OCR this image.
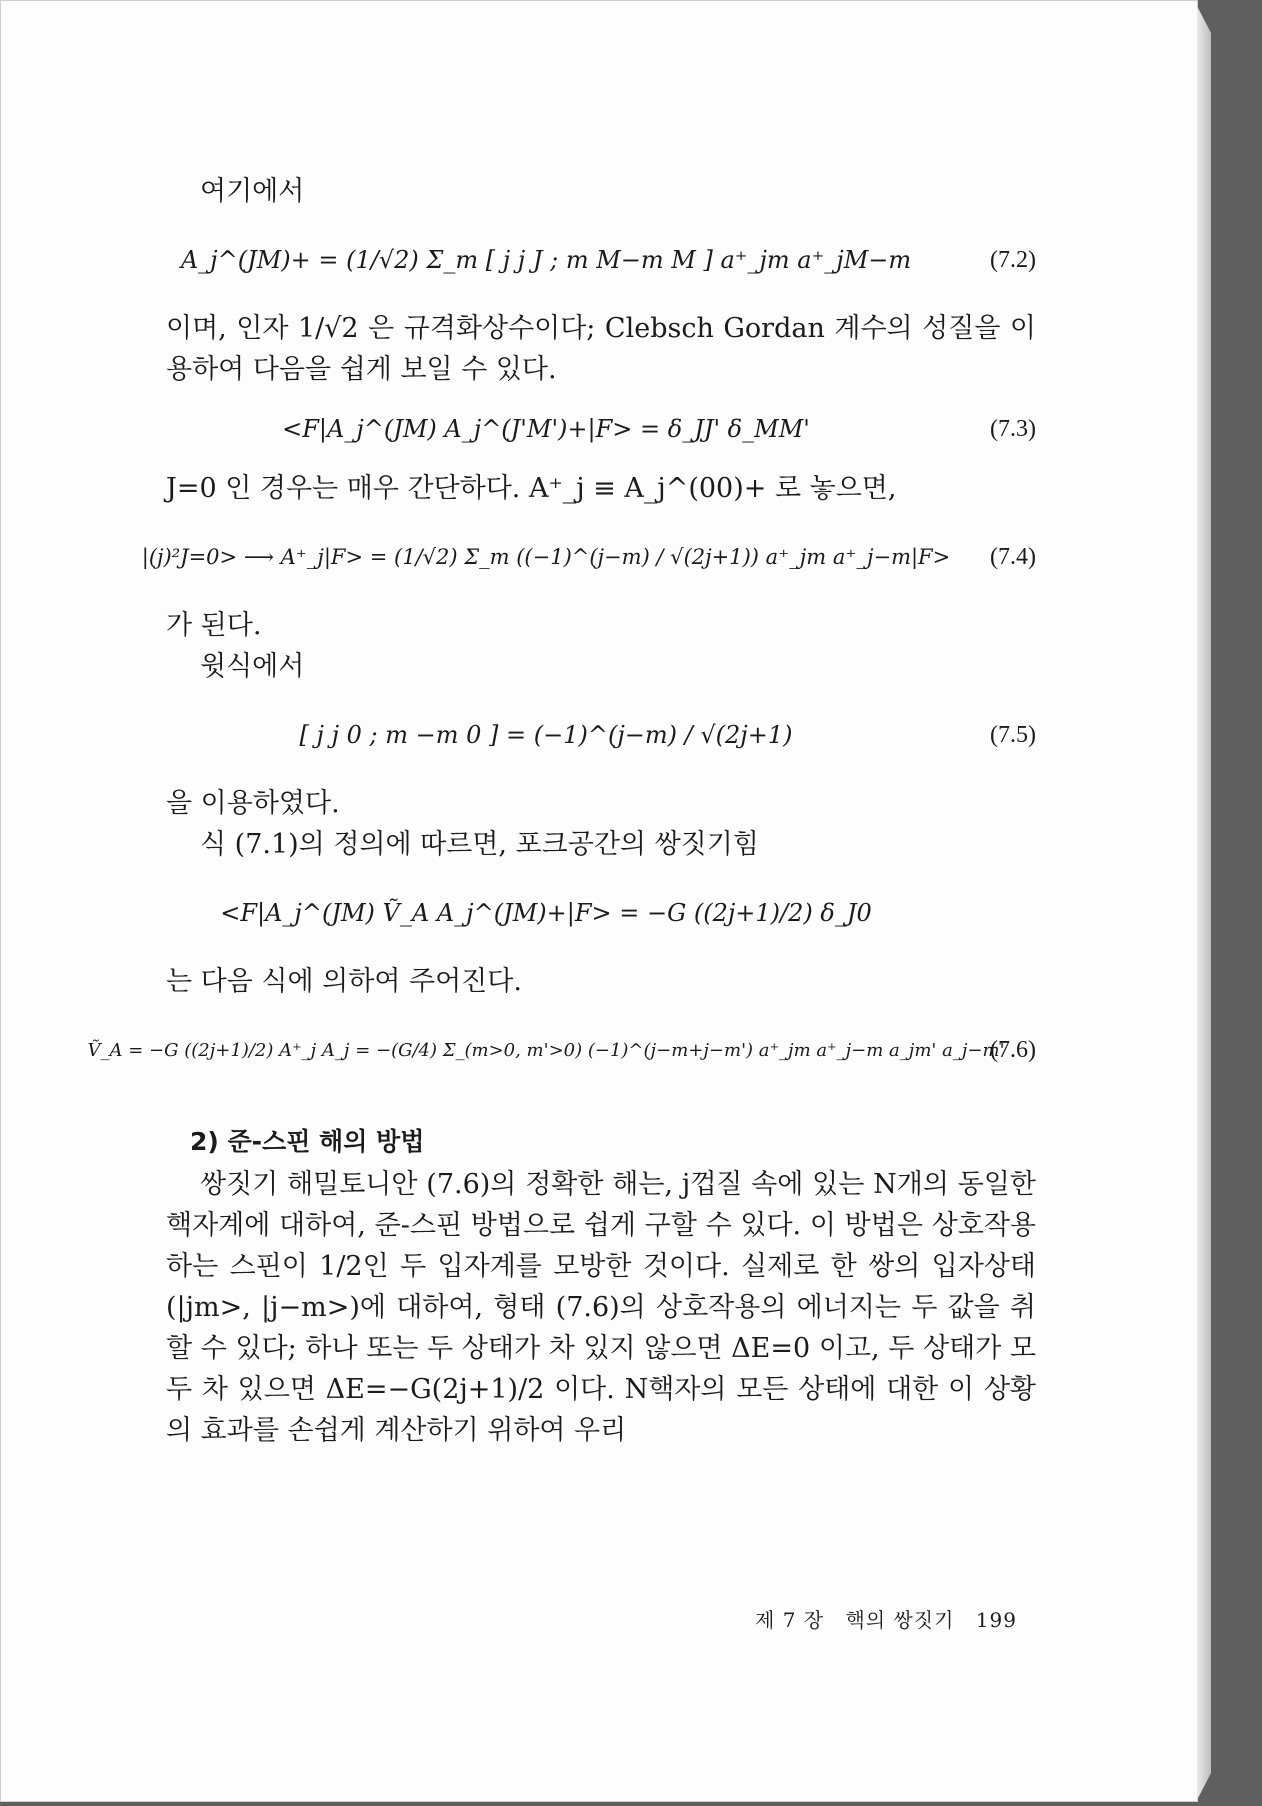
여기에서

A_j^(JM)+ = (1/√2) Σ_m [ j j J ; m M−m M ] a⁺_jm a⁺_jM−m	(7.2)

이며, 인자 1/√2 은 규격화상수이다; Clebsch Gordan 계수의 성질을 이용하여 다음을 쉽게 보일 수 있다.

<F|A_j^(JM) A_j^(J'M')+|F> = δ_JJ' δ_MM'	(7.3)

J=0 인 경우는 매우 간단하다. A⁺_j ≡ A_j^(00)+ 로 놓으면,

|(j)²J=0> ⟶ A⁺_j|F> = (1/√2) Σ_m ((−1)^(j−m) / √(2j+1)) a⁺_jm a⁺_j−m|F> (7.4)

가 된다.

윗식에서

[ j j 0 ; m −m 0 ] = (−1)^(j−m) / √(2j+1)	(7.5)

을 이용하였다.

식 (7.1)의 정의에 따르면, 포크공간의 쌍짓기힘

<F|A_j^(JM) Ṽ_A A_j^(JM)+|F> = −G ((2j+1)/2) δ_J0

는 다음 식에 의하여 주어진다.

Ṽ_A = −G ((2j+1)/2) A⁺_j A_j = −(G/4) Σ_(m>0, m'>0) (−1)^(j−m+j−m') a⁺_jm a⁺_j−m a_jm' a_j−m'
(7.6)
2) 준-스핀 해의 방법

쌍짓기 해밀토니안 (7.6)의 정확한 해는, j껍질 속에 있는 N개의 동일한 핵자계에 대하여, 준-스핀 방법으로 쉽게 구할 수 있다. 이 방법은 상호작용하는 스핀이 1/2인 두 입자계를 모방한 것이다. 실제로 한 쌍의 입자상태 (|jm>, |j−m>)에 대하여, 형태 (7.6)의 상호작용의 에너지는 두 값을 취할 수 있다; 하나 또는 두 상태가 차 있지 않으면 ΔE=0 이고, 두 상태가 모두 차 있으면 ΔE=−G(2j+1)/2 이다. N핵자의 모든 상태에 대한 이 상황의 효과를 손쉽게 계산하기 위하여 우리

제 7 장 핵의 쌍짓기 199
